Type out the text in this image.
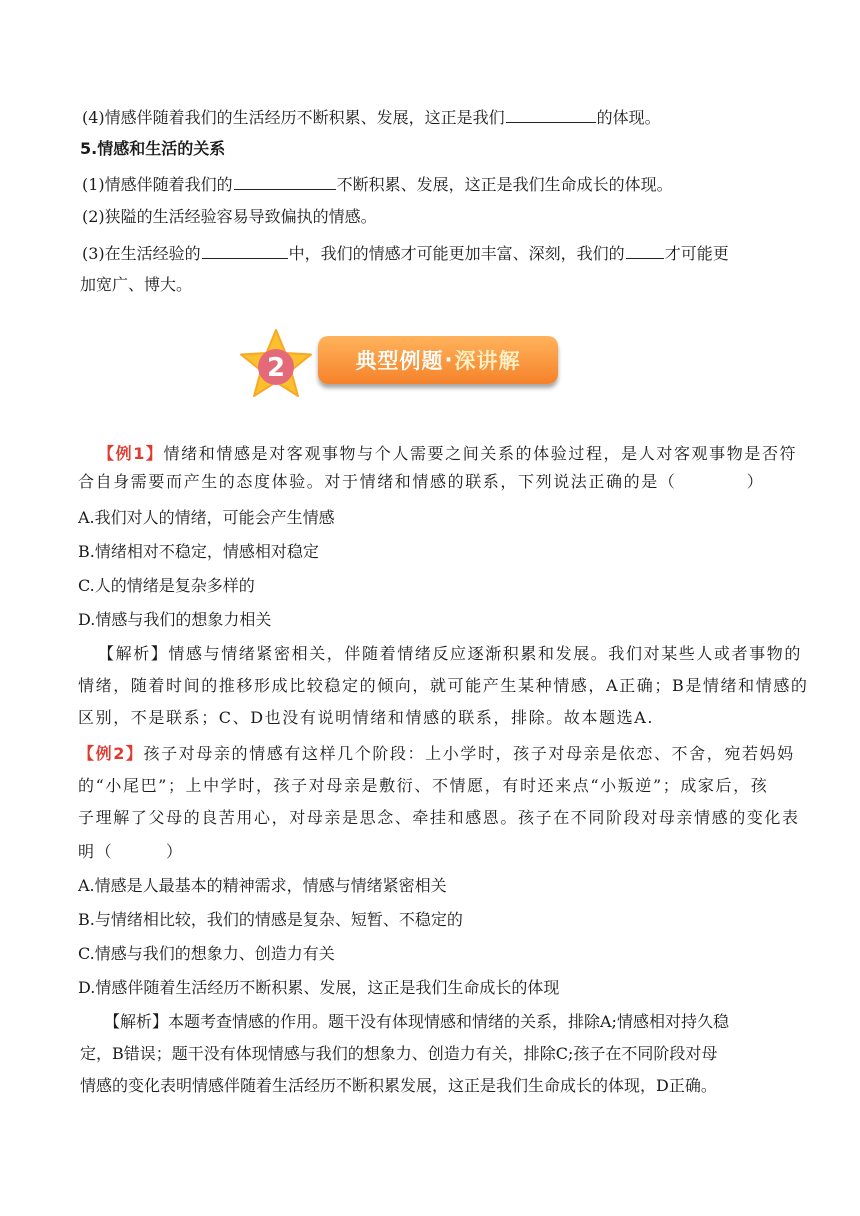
(4)情感伴随着我们的生活经历不断积累、发展，这正是我们	的体现。
5.情感和生活的关系
(1)情感伴随着我们的	不断积累、发展，这正是我们生命成长的体现。
(2)狭隘的生活经验容易导致偏执的情感。
(3)在生活经验的	中，我们的情感才可能更加丰富、深刻，我们的	才可能更
加宽广、博大。
2	典型例题 · 深讲解
【例1】情绪和情感是对客观事物与个人需要之间关系的体验过程，是人对客观事物是否符
合自身需要而产生的态度体验。对于情绪和情感的联系，下列说法正确的是（　　　　）
A.我们对人的情绪，可能会产生情感
B.情绪相对不稳定，情感相对稳定
C.人的情绪是复杂多样的
D.情感与我们的想象力相关
【解析】情感与情绪紧密相关，伴随着情绪反应逐渐积累和发展。我们对某些人或者事物的
情绪，随着时间的推移形成比较稳定的倾向，就可能产生某种情感，A正确；B是情绪和情感的
区别，不是联系；C、D也没有说明情绪和情感的联系，排除。故本题选A.
【例2】孩子对母亲的情感有这样几个阶段：上小学时，孩子对母亲是依恋、不舍，宛若妈妈
的“小尾巴”；上中学时，孩子对母亲是敷衍、不情愿，有时还来点“小叛逆”；成家后，孩
子理解了父母的良苦用心，对母亲是思念、牵挂和感恩。孩子在不同阶段对母亲情感的变化表
明（　　　）
A.情感是人最基本的精神需求，情感与情绪紧密相关
B.与情绪相比较，我们的情感是复杂、短暂、不稳定的
C.情感与我们的想象力、创造力有关
D.情感伴随着生活经历不断积累、发展，这正是我们生命成长的体现
【解析】本题考查情感的作用。题干没有体现情感和情绪的关系，排除A;情感相对持久稳
定，B错误；题干没有体现情感与我们的想象力、创造力有关，排除C;孩子在不同阶段对母
情感的变化表明情感伴随着生活经历不断积累发展，这正是我们生命成长的体现，D正确。
